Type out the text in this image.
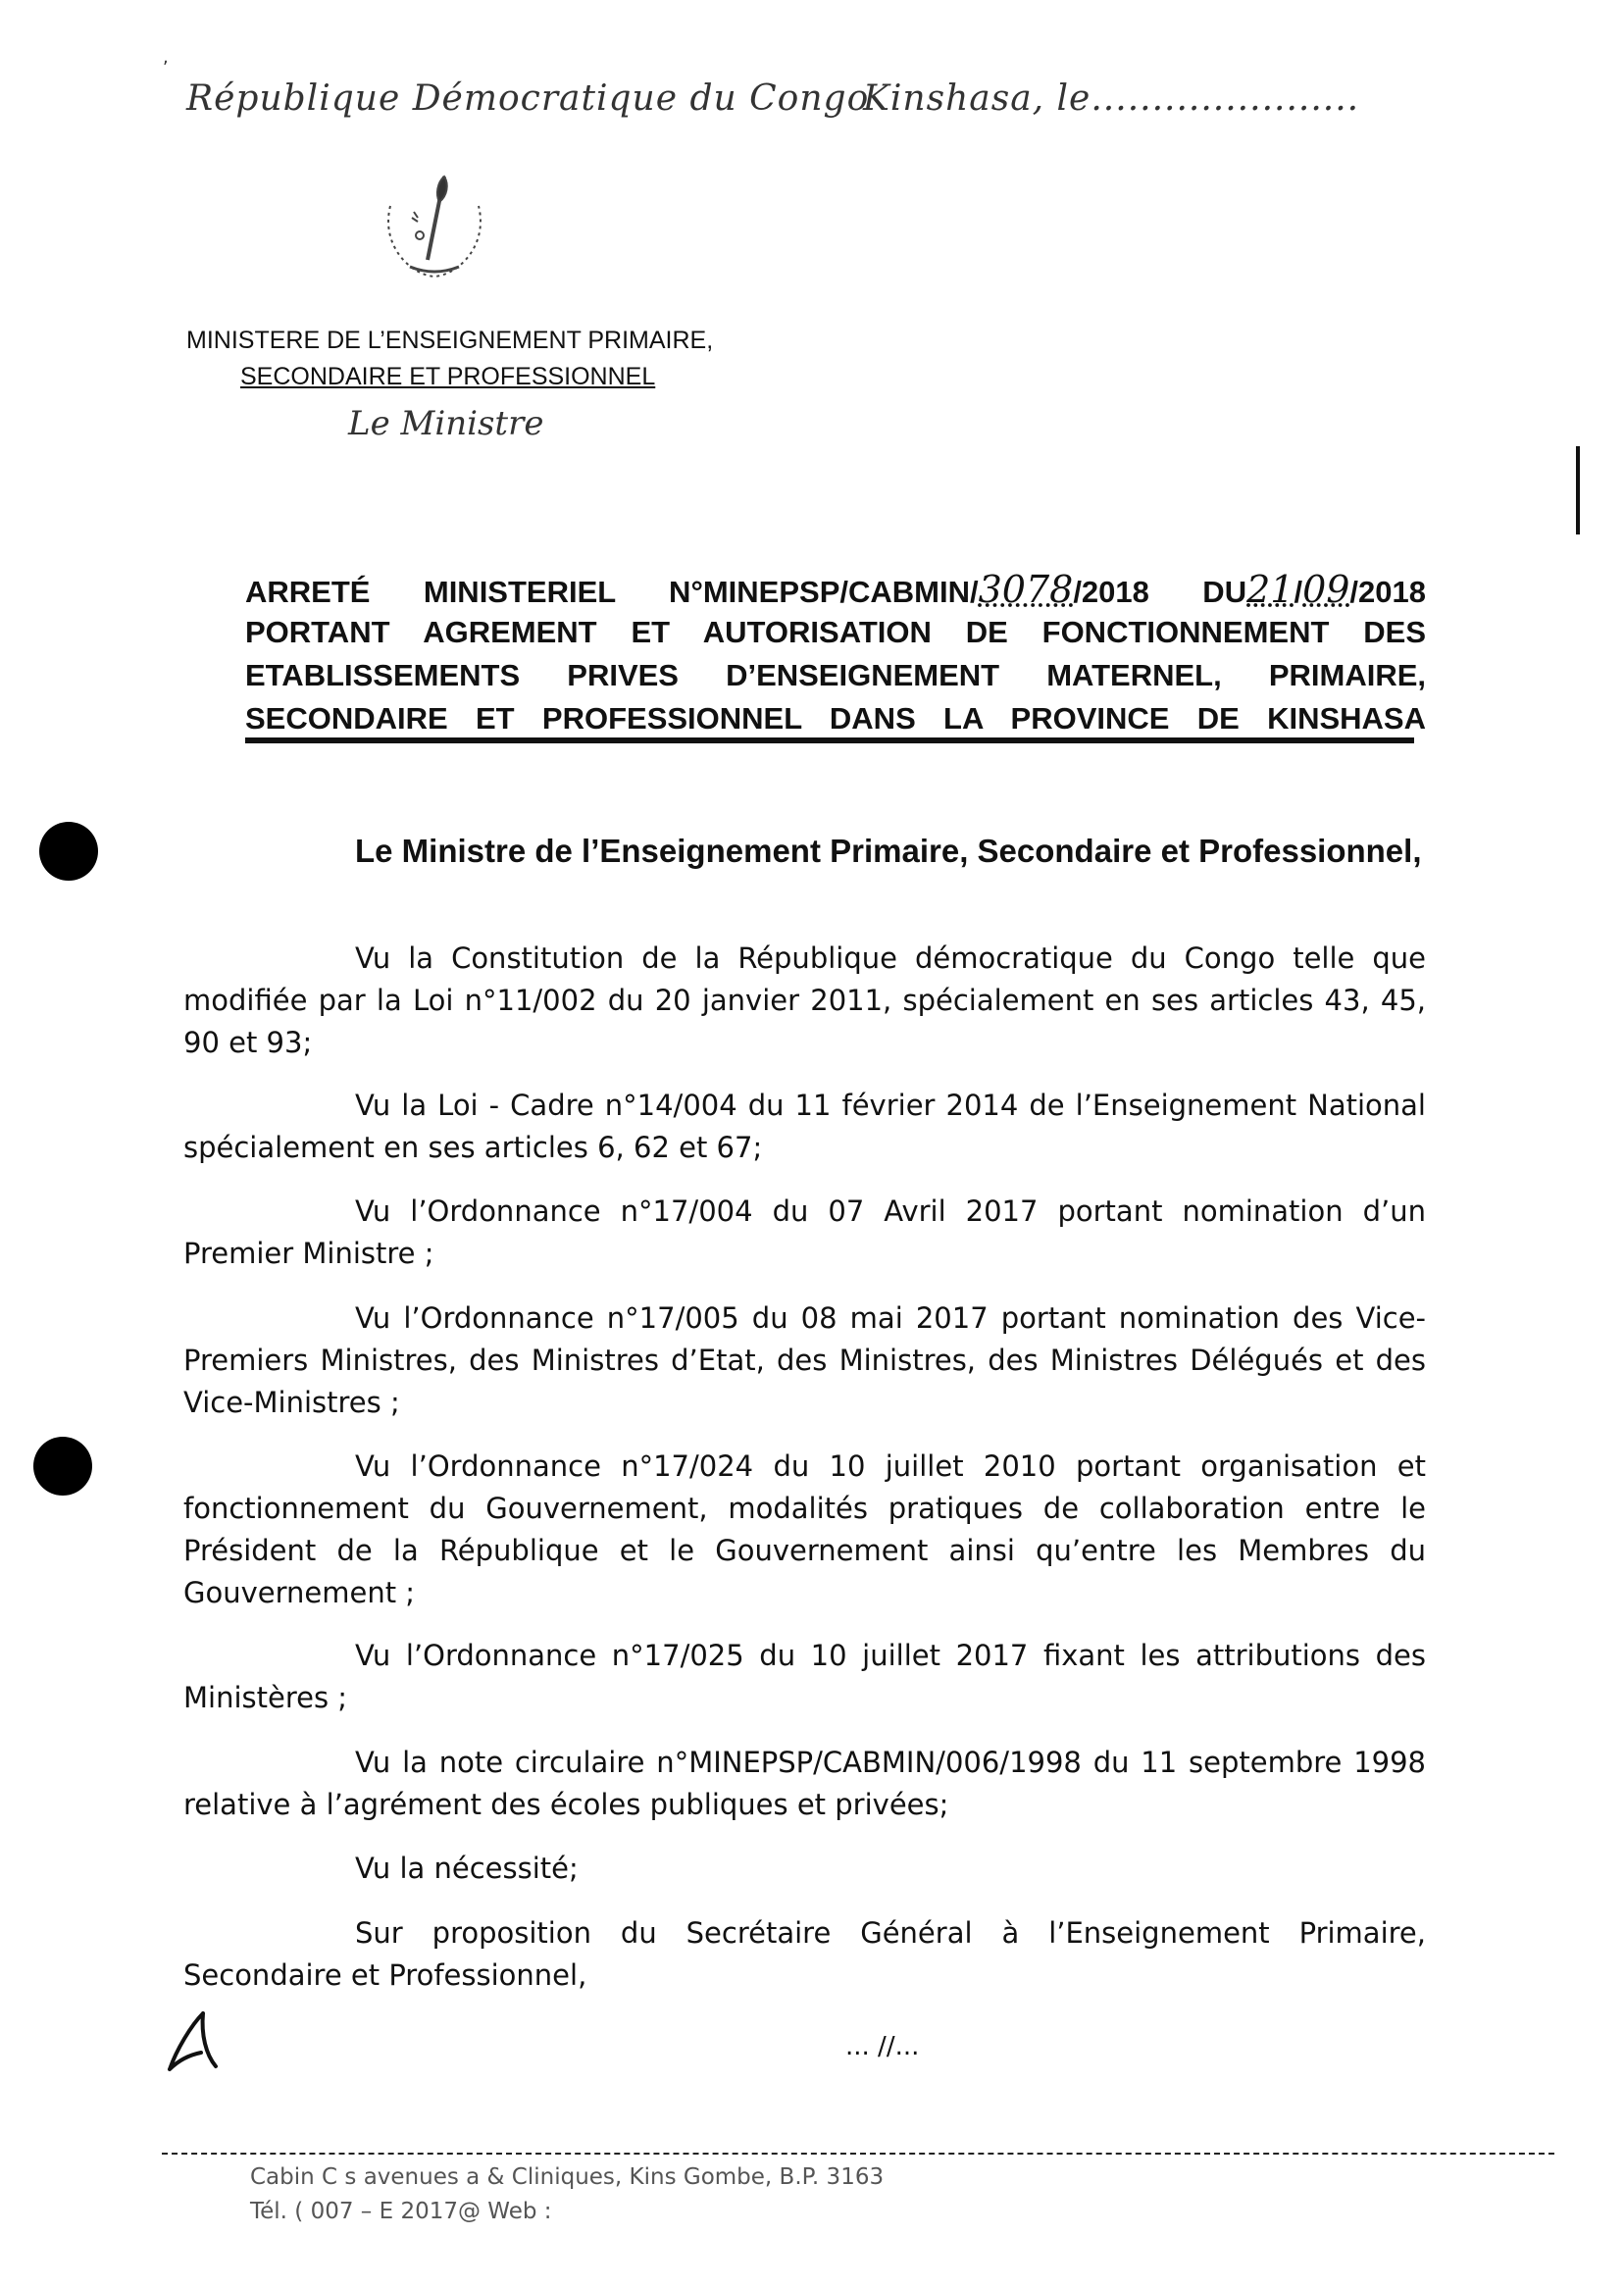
,
République Démocratique du Congo
Kinshasa, le......................
MINISTERE DE L’ENSEIGNEMENT PRIMAIRE,
SECONDAIRE ET PROFESSIONNEL
Le Ministre
ARRETÉ MINISTERIEL N°MINEPSP/CABMIN/3078/2018 DU21/09/2018
PORTANT AGREMENT ET AUTORISATION DE FONCTIONNEMENT DES
ETABLISSEMENTS PRIVES D’ENSEIGNEMENT MATERNEL, PRIMAIRE,
SECONDAIRE ET PROFESSIONNEL DANS LA PROVINCE DE KINSHASA
Le Ministre de l’Enseignement Primaire, Secondaire et Professionnel,
Vu la Constitution de la République démocratique du Congo telle que modifiée par la Loi n°11/002 du 20 janvier 2011, spécialement en ses articles 43, 45, 90 et 93;
Vu la Loi - Cadre n°14/004 du 11 février 2014 de l’Enseignement National spécialement en ses articles 6, 62 et 67;
Vu l’Ordonnance n°17/004 du 07 Avril 2017 portant nomination d’un Premier Ministre ;
Vu l’Ordonnance n°17/005 du 08 mai 2017 portant nomination des Vice-Premiers Ministres, des Ministres d’Etat, des Ministres, des Ministres Délégués et des Vice-Ministres ;
Vu l’Ordonnance n°17/024 du 10 juillet 2010 portant organisation et fonctionnement du Gouvernement, modalités pratiques de collaboration entre le Président de la République et le Gouvernement ainsi qu’entre les Membres du Gouvernement ;
Vu l’Ordonnance n°17/025 du 10 juillet 2017 fixant les attributions des Ministères ;
Vu la note circulaire n°MINEPSP/CABMIN/006/1998 du 11 septembre 1998 relative à l’agrément des écoles publiques et privées;
Vu la nécessité;
Sur proposition du Secrétaire Général à l’Enseignement Primaire, Secondaire et Professionnel,
... //...
Cabin C s avenues a & Cliniques, Kins Gombe, B.P. 3163
Tél. ( 007 – E 2017@ Web :
